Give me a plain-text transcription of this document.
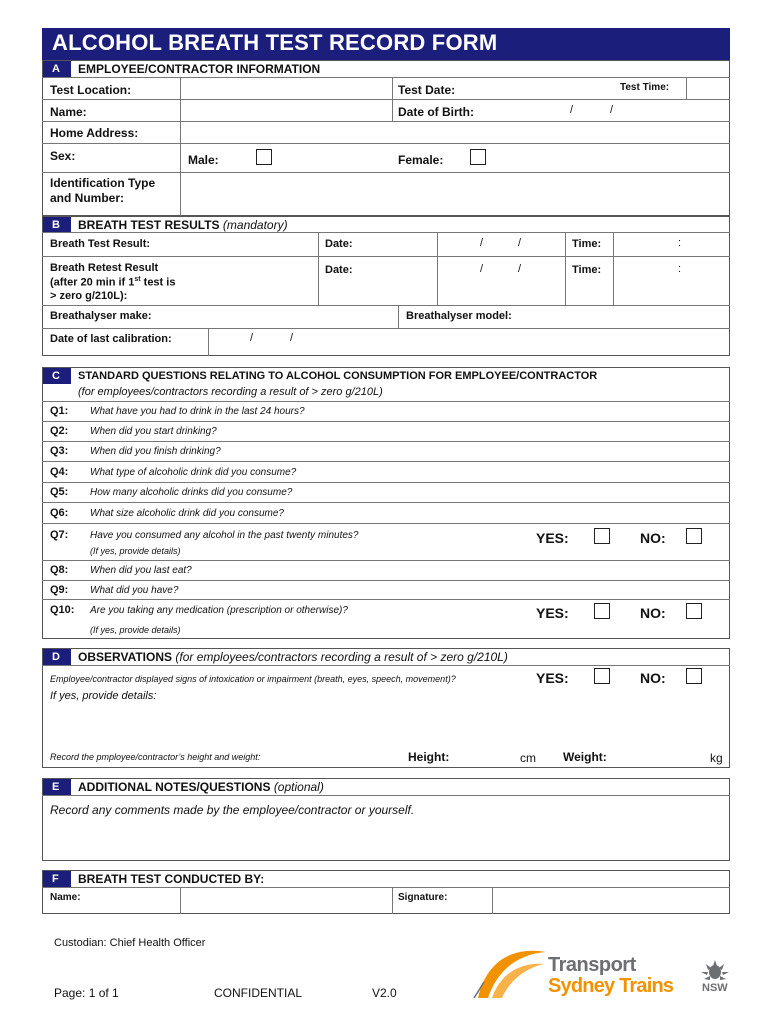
ALCOHOL BREATH TEST RECORD FORM
A	EMPLOYEE/CONTRACTOR INFORMATION
Test Location:	Test Date:	Test Time:
Name:	Date of Birth:	/	/
Home Address:
Sex:	Male:	Female:
Identification Type
and Number:
B	BREATH TEST RESULTS (mandatory)
Breath Test Result:	Date:	/	/	Time:	:
Breath Retest Result
(after 20 min if 1st test is
> zero g/210L):
Date:	/	/	Time:	:
Breathalyser make:	Breathalyser model:
Date of last calibration:	/	/
C	STANDARD QUESTIONS RELATING TO ALCOHOL CONSUMPTION FOR EMPLOYEE/CONTRACTOR
(for employees/contractors recording a result of > zero g/210L)
Q1: What have you had to drink in the last 24 hours?
Q2: When did you start drinking?
Q3: When did you finish drinking?
Q4: What type of alcoholic drink did you consume?
Q5: How many alcoholic drinks did you consume?
Q6: What size alcoholic drink did you consume?
Q7: Have you consumed any alcohol in the past twenty minutes?	YES:	NO:
(If yes, provide details)
Q8: When did you last eat?
Q9: What did you have?
Q10: Are you taking any medication (prescription or otherwise)?	YES:	NO:
(If yes, provide details)
D	OBSERVATIONS (for employees/contractors recording a result of > zero g/210L)
Employee/contractor displayed signs of intoxication or impairment (breath, eyes, speech, movement)?	YES:	NO:
If yes, provide details:
Record the pmployee/contractor’s height and weight:	Height:	cm Weight:	kg
E	ADDITIONAL NOTES/QUESTIONS (optional)
Record any comments made by the employee/contractor or yourself.
F	BREATH TEST CONDUCTED BY:
Name:	Signature:
Custodian: Chief Health Officer
Page: 1 of 1	CONFIDENTIAL	V2.0
Transport
Sydney Trains	NSW
